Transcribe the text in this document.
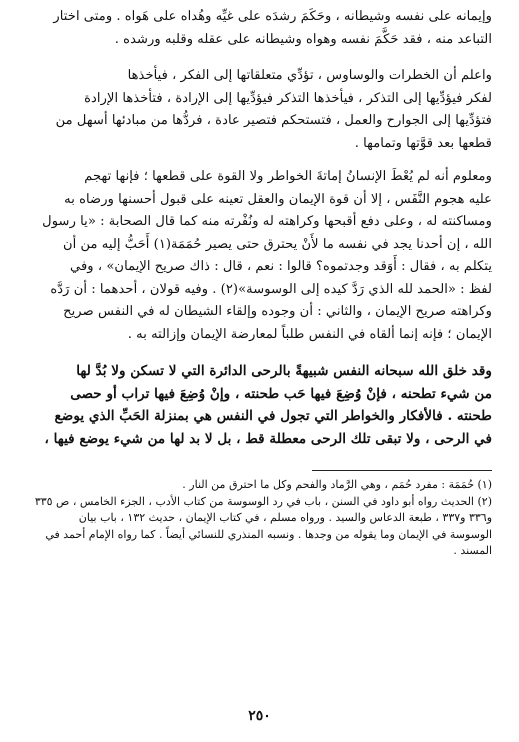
وإيمانه على نفسه وشيطانه ، وحَكَمَ رشدَه على غيِّه وهُداه على هَواه . ومتى اختار

التباعد منه ، فقد حَكَّمَ نفسه وهواه وشيطانه على عقله وقلبه ورشده .

واعلم أن الخطرات والوساوس ، تؤدِّي متعلقاتها إلى الفكر ، فيأخذها

لفكر فيؤدِّيها إلى التذكر ، فيأخذها التذكر فيؤدِّيها إلى الإرادة ، فتأخذها الإرادة

فتؤدِّيها إلى الجوارح والعمل ، فتستحكم فتصير عادة ، فردُّها من مبادئها أسهل من

قطعها بعد قوَّتها وتمامها .

ومعلوم أنه لم يُعْطَ الإنسانُ إماتةَ الخواطر ولا القوة على قطعها ؛ فإنها تهجم

عليه هجوم النَّفَس ، إلا أن قوة الإيمان والعقل تعينه على قبول أحسنها ورضاه به

ومساكنته له ، وعلى دفع أقبحها وكراهته له ونُفْرته منه كما قال الصحابة : «يا رسول

الله ، إن أحدنا يجد في نفسه ما لأَنْ يحترق حتى يصير حُمَمَة(١) أَحَبُّ إليه من أن

يتكلم به ، فقال : أَوَقد وجدتموه؟ قالوا : نعم ، قال : ذاك صريح الإيمان» ، وفي

لفظ : «الحمد لله الذي رَدَّ كيده إلى الوسوسة»(٢) . وفيه قولان ، أحدهما : أن رَدَّه

وكراهته صريح الإيمان ، والثاني : أن وجوده وإلقاء الشيطان له في النفس صريح

الإيمان ؛ فإنه إنما ألقاه في النفس طلباً لمعارضة الإيمان وإزالته به .

وقد خلق الله سبحانه النفس شبيهةً بالرحى الدائرة التي لا تسكن ولا بُدَّ لها

من شيء تطحنه ، فإنْ وُضِعَ فيها حَب طحنته ، وإنْ وُضِعَ فيها تراب أو حصى

طحنته . فالأفكار والخواطر التي تجول في النفس هي بمنزلة الحَبِّ الذي يوضع

في الرحى ، ولا تبقى تلك الرحى معطلة قط ، بل لا بد لها من شيء يوضع فيها ،

(١) حُمَمَة : مفرد حُمَم ، وهي الرَّماد والفحم وكل ما احترق من النار .

(٢) الحديث رواه أبو داود في السنن ، باب في رد الوسوسة من كتاب الأدب ، الجزء الخامس ، ص ٣٣٥

و٣٣٦ و٣٣٧ ، طبعة الدعاس والسيد . ورواه مسلم ، في كتاب الإيمان ، حديث ١٣٢ ، باب بيان

الوسوسة في الإيمان وما يقوله من وجدها . ونسبه المنذري للنسائي أيضاً . كما رواه الإمام أحمد في

المسند .

٢٥٠
